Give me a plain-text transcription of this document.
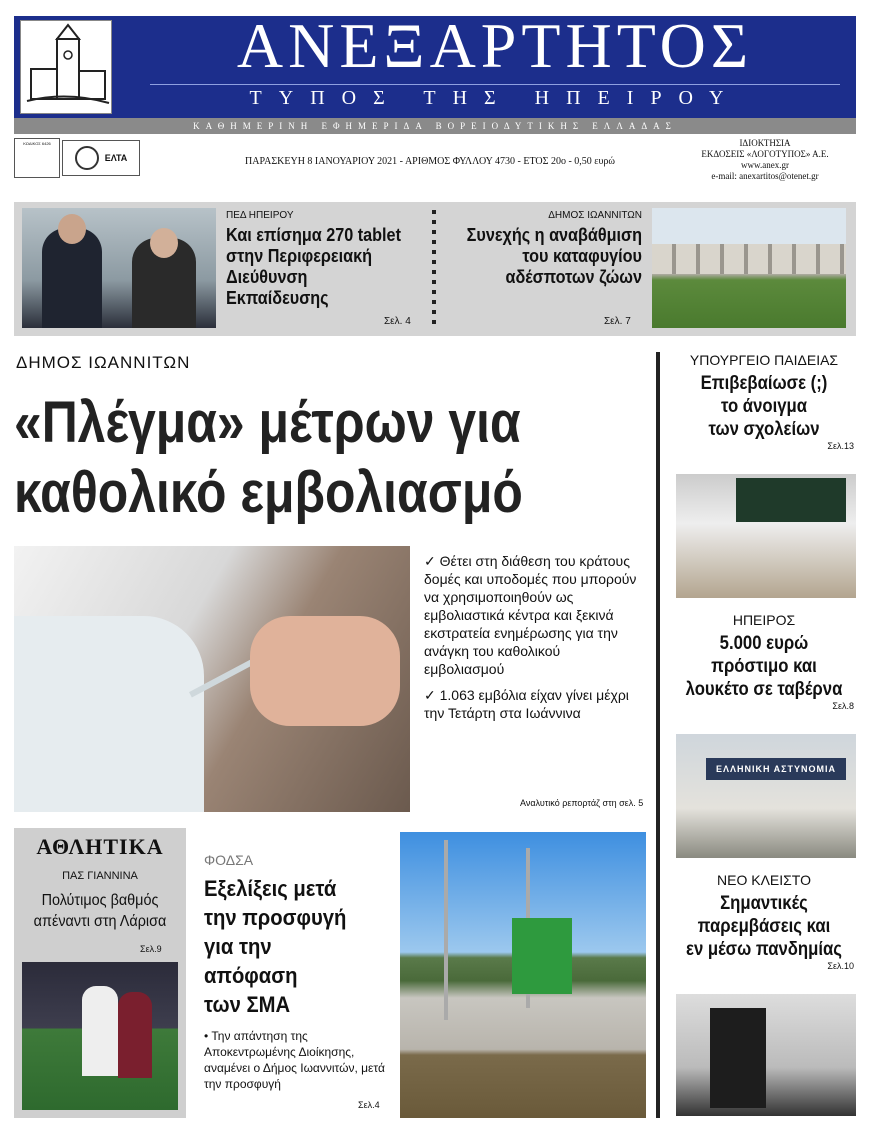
ΑΝΕΞΑΡΤΗΤΟΣ
ΤΥΠΟΣ ΤΗΣ ΗΠΕΙΡΟΥ
ΚΑΘΗΜΕΡΙΝΗ ΕΦΗΜΕΡΙΔΑ ΒΟΡΕΙΟΔΥΤΙΚΗΣ ΕΛΛΑΔΑΣ
ΚΩΔΙΚΟΣ 6426
ΕΛΤΑ	ΠΑΡΑΣΚΕΥΗ 8 ΙΑΝΟΥΑΡΙΟΥ 2021 - ΑΡΙΘΜΟΣ ΦΥΛΛΟΥ 4730 - ΕΤΟΣ 20ο - 0,50 ευρώ
ΙΔΙΟΚΤΗΣΙΑ
ΕΚΔΟΣΕΙΣ «ΛΟΓΟΤΥΠΟΣ» Α.Ε.
www.anex.gr
e-mail: anexartitos@otenet.gr
ΠΕΔ ΗΠΕΙΡΟΥ
Και επίσημα 270 tablet
στην Περιφερειακή
Διεύθυνση Εκπαίδευσης
Σελ. 4
ΔΗΜΟΣ ΙΩΑΝΝΙΤΩΝ
Συνεχής η αναβάθμιση
του καταφυγίου
αδέσποτων ζώων
Σελ. 7
ΔΗΜΟΣ ΙΩΑΝΝΙΤΩΝ
«Πλέγμα» μέτρων για
καθολικό εμβολιασμό

✓ Θέτει στη διάθεση του κράτους δομές και υποδομές που μπορούν να χρησιμοποιηθούν ως εμβολιαστικά κέντρα και ξεκινά εκστρατεία ενημέρωσης για την ανάγκη του καθολικού εμβολιασμού

✓ 1.063 εμβόλια είχαν γίνει μέχρι την Τετάρτη στα Ιωάννινα

Αναλυτικό ρεπορτάζ στη σελ. 5
ΥΠΟΥΡΓΕΙΟ ΠΑΙΔΕΙΑΣ
Επιβεβαίωσε (;)
το άνοιγμα
των σχολείων
Σελ.13
ΗΠΕΙΡΟΣ
5.000 ευρώ
πρόστιμο και
λουκέτο σε ταβέρνα
Σελ.8
ΕΛΛΗΝΙΚΗ ΑΣΤΥΝΟΜΙΑ
ΝΕΟ ΚΛΕΙΣΤΟ
Σημαντικές
παρεμβάσεις και
εν μέσω πανδημίας
Σελ.10
ΑΘΛΗΤΙΚΑ
ΠΑΣ ΓΙΑΝΝΙΝΑ
Πολύτιμος βαθμός
απέναντι στη Λάρισα
Σελ.9
ΦΟΔΣΑ
Εξελίξεις μετά
την προσφυγή
για την
απόφαση
των ΣΜΑ
• Την απάντηση της Αποκεντρωμένης Διοίκησης, αναμένει ο Δήμος Ιωαννιτών, μετά την προσφυγή
Σελ.4
